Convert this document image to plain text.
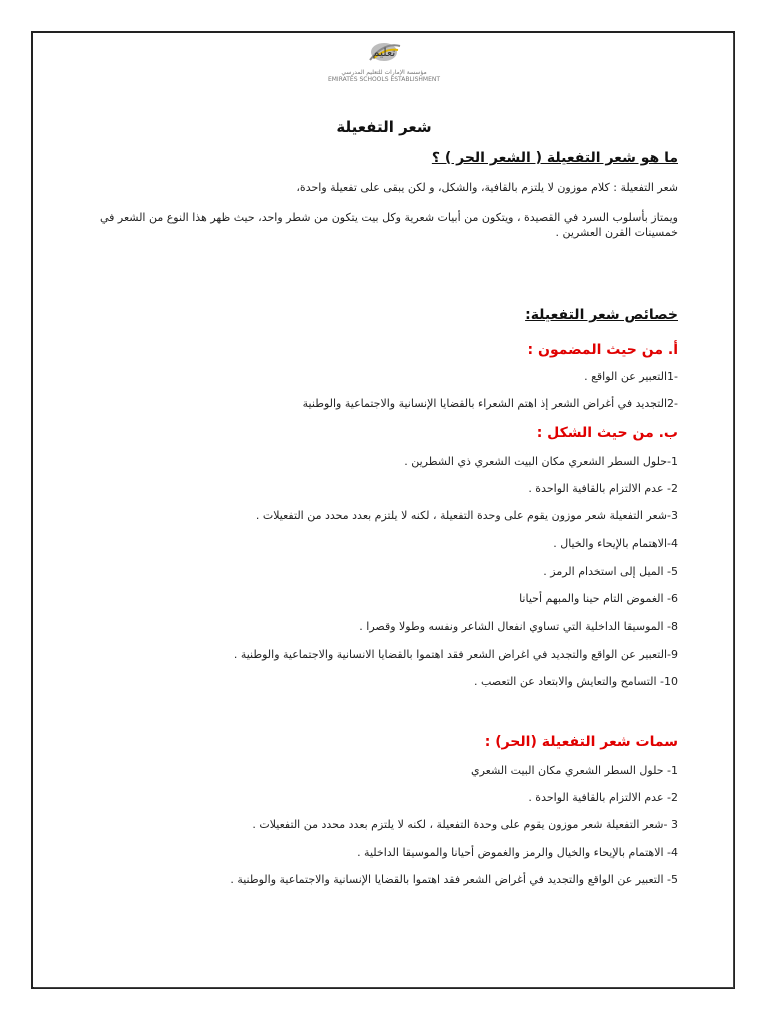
تعليم
مؤسسة الإمارات للتعليم المدرسي
EMIRATES SCHOOLS ESTABLISHMENT
شعر التفعيلة
ما هو شعر التفعيلة ( الشعر الحر ) ؟
شعر التفعيلة : كلام موزون لا يلتزم بالقافية، والشكل، و لكن يبقى على تفعيلة واحدة،
ويمتاز بأسلوب السرد في القصيدة ، ويتكون من أبيات شعرية وكل بيت يتكون من شطر واحد، حيث ظهر هذا النوع من الشعر في خمسينات القرن العشرين .
خصائص شعر التفعيلة:
أ. من حيث المضمون :
-1التعبير عن الواقع .
-2التجديد في أغراض الشعر إذ اهتم الشعراء بالقضايا الإنسانية والاجتماعية والوطنية
ب. من حيث الشكل :
1-حلول السطر الشعري مكان البيت الشعري ذي الشطرين .
2- عدم الالتزام بالقافية الواحدة .
3-شعر التفعيلة شعر موزون يقوم على وحدة التفعيلة ، لكنه لا يلتزم بعدد محدد من التفعيلات .
4-الاهتمام بالإيحاء والخيال .
5- الميل إلى استخدام الرمز .
6- الغموض التام حينا والمبهم أحيانا
8- الموسيقا الداخلية التي تساوي انفعال الشاعر ونفسه وطولا وقصرا .
9-التعبير عن الواقع والتجديد في اغراض الشعر فقد اهتموا بالقضايا الانسانية والاجتماعية والوطنية .
10- التسامح والتعايش والابتعاد عن التعصب .
سمات شعر التفعيلة (الحر) :
1- حلول السطر الشعري مكان البيت الشعري
2- عدم الالتزام بالقافية الواحدة .
3 -شعر التفعيلة شعر موزون يقوم على وحدة التفعيلة ، لكنه لا يلتزم بعدد محدد من التفعيلات .
4- الاهتمام بالإيحاء والخيال والرمز والغموض أحيانا والموسيقا الداخلية .
5- التعبير عن الواقع والتجديد في أغراض الشعر فقد اهتموا بالقضايا الإنسانية والاجتماعية والوطنية .
